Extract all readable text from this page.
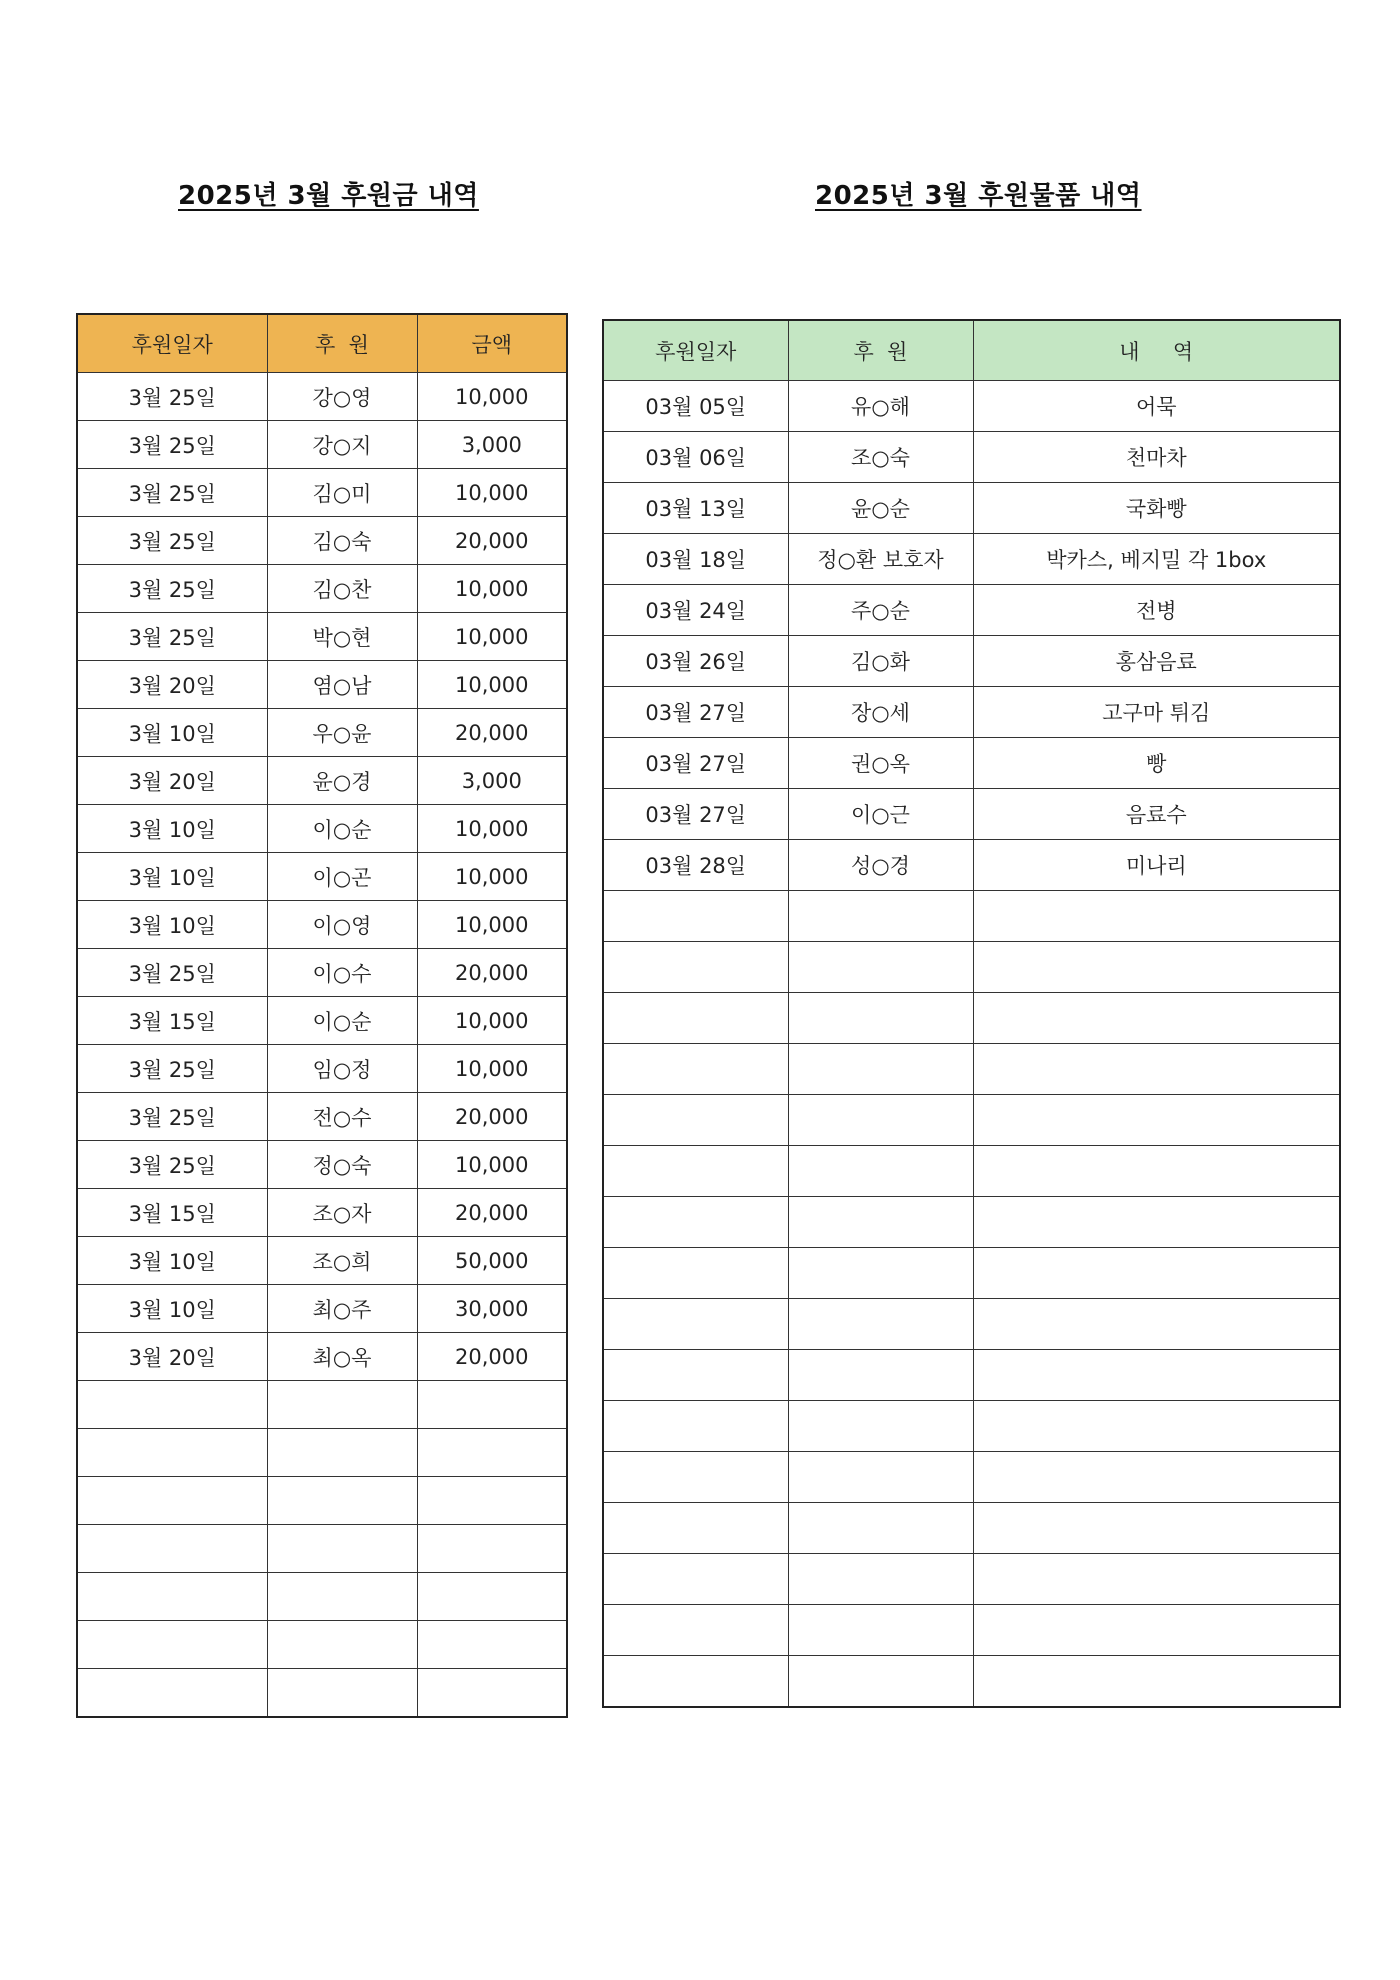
2025년 3월 후원금 내역	2025년 3월 후원물품 내역
후원일자	후  원	금액
3월 25일	강○영	10,000
3월 25일	강○지	3,000
3월 25일	김○미	10,000
3월 25일	김○숙	20,000
3월 25일	김○찬	10,000
3월 25일	박○현	10,000
3월 20일	염○남	10,000
3월 10일	우○윤	20,000
3월 20일	윤○경	3,000
3월 10일	이○순	10,000
3월 10일	이○곤	10,000
3월 10일	이○영	10,000
3월 25일	이○수	20,000
3월 15일	이○순	10,000
3월 25일	임○정	10,000
3월 25일	전○수	20,000
3월 25일	정○숙	10,000
3월 15일	조○자	20,000
3월 10일	조○희	50,000
3월 10일	최○주	30,000
3월 20일	최○옥	20,000

후원일자	후  원	내     역
03월 05일	유○해	어묵
03월 06일	조○숙	천마차
03월 13일	윤○순	국화빵
03월 18일	정○환 보호자	박카스, 베지밀 각 1box
03월 24일	주○순	전병
03월 26일	김○화	홍삼음료
03월 27일	장○세	고구마 튀김
03월 27일	권○옥	빵
03월 27일	이○근	음료수
03월 28일	성○경	미나리
